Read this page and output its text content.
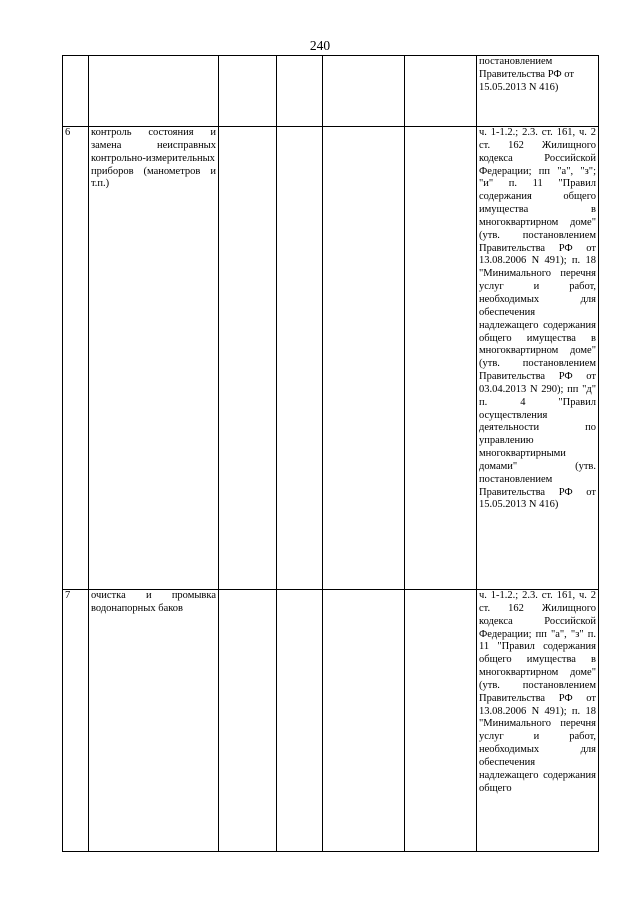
240

						постановлением
Правительства РФ от
15.05.2013 N 416)

6	контроль состояния и замена неисправных контрольно-измерительных приборов (манометров и т.п.)					ч. 1-1.2.; 2.3. ст. 161, ч. 2 ст. 162 Жилищного кодекса Российской Федерации; пп "а", "з"; "и" п. 11 "Правил содержания общего имущества в многоквартирном доме" (утв. постановлением Правительства РФ от 13.08.2006 N 491); п. 18 "Минимального перечня услуг и работ, необходимых для обеспечения надлежащего содержания общего имущества в многоквартирном доме" (утв. постановлением Правительства РФ от 03.04.2013 N 290); пп "д" п. 4 "Правил осуществления деятельности по управлению многоквартирными домами" (утв. постановлением Правительства РФ от 15.05.2013 N 416)

7	очистка и промывка водонапорных баков					ч. 1-1.2.; 2.3. ст. 161, ч. 2 ст. 162 Жилищного кодекса Российской Федерации; пп "а", "з" п. 11 "Правил содержания общего имущества в многоквартирном доме" (утв. постановлением Правительства РФ от 13.08.2006 N 491); п. 18 "Минимального перечня услуг и работ, необходимых для обеспечения надлежащего содержания общего
